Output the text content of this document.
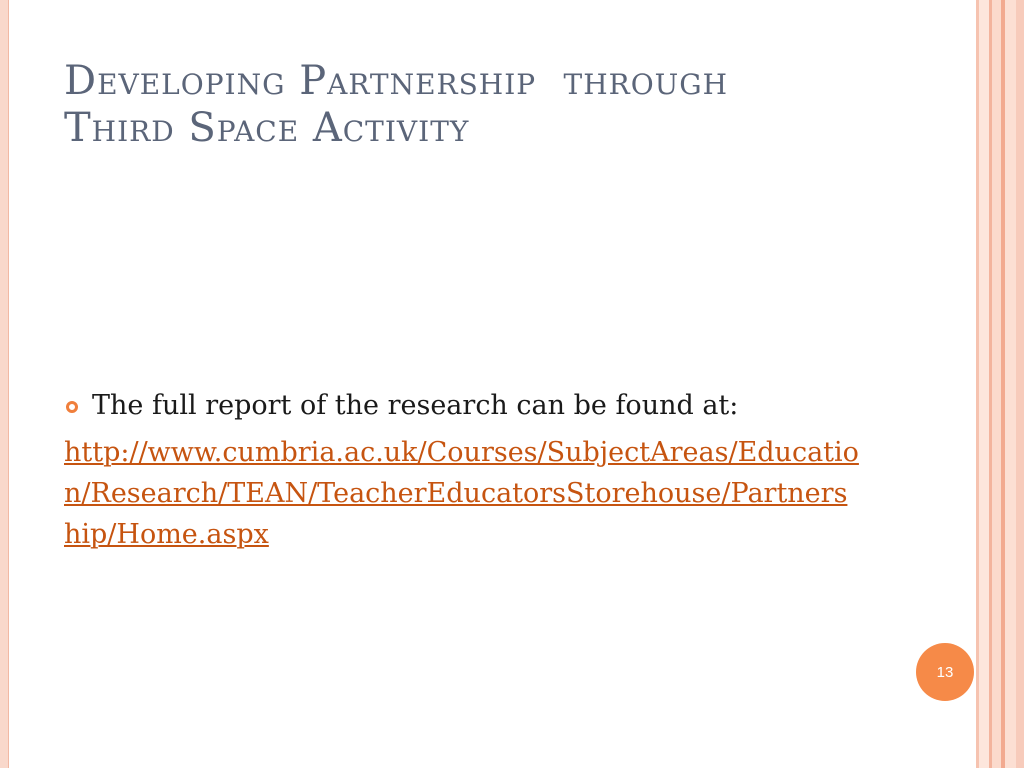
Developing Partnership  through
Third Space Activity
The full report of the research can be found at:
http://www.cumbria.ac.uk/Courses/SubjectAreas/Education/Research/TEAN/TeacherEducatorsStorehouse/Partnership/Home.aspx
13
